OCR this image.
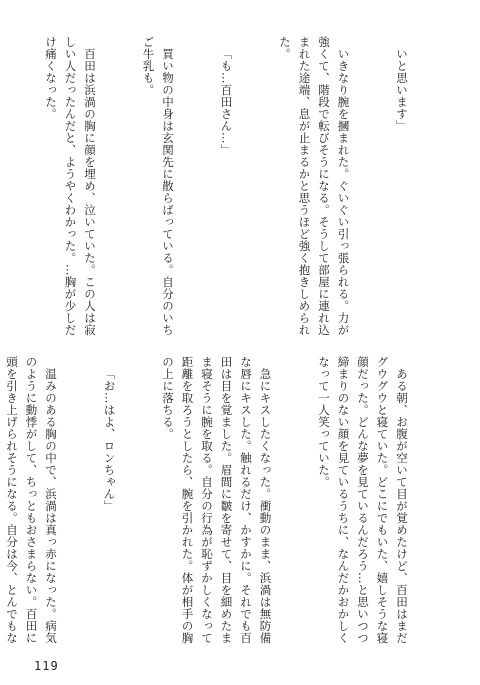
いと思います」

いきなり腕を摑まれた。ぐいぐい引っ張られる。力が強くて、階段で転びそうになる。そうして部屋に連れ込まれた途端、息が止まるかと思うほど強く抱きしめられた。

「も…百田さん…」

買い物の中身は玄関先に散らばっている。自分のいちご牛乳も。

百田は浜渦の胸に顔を埋め、泣いていた。この人は寂しい人だったんだと、ようやくわかった。…胸が少しだけ痛くなった。

ある朝、お腹が空いて目が覚めたけど、百田はまだグウグウと寝ていた。どこにでもいた、嬉しそうな寝顔だった。どんな夢を見ているんだろう…と思いつつ締まりのない顔を見ているうちに、なんだかおかしくなって一人笑っていた。

急にキスしたくなった。衝動のまま、浜渦は無防備な唇にキスした。触れるだけ、かすかに。それでも百田は目を覚ました。眉間に皺を寄せて、目を細めたまま寝そうに腕を取る。自分の行為が恥ずかしくなって距離を取ろうとしたら、腕を引かれた。体が相手の胸の上に落ちる。

「お…はよ、ロンちゃん」

温みのある胸の中で、浜渦は真っ赤になった。病気のように動悸がして、ちっともおさまらない。百田に頭を引き上げられそうになる。自分は今、とんでもな

119
